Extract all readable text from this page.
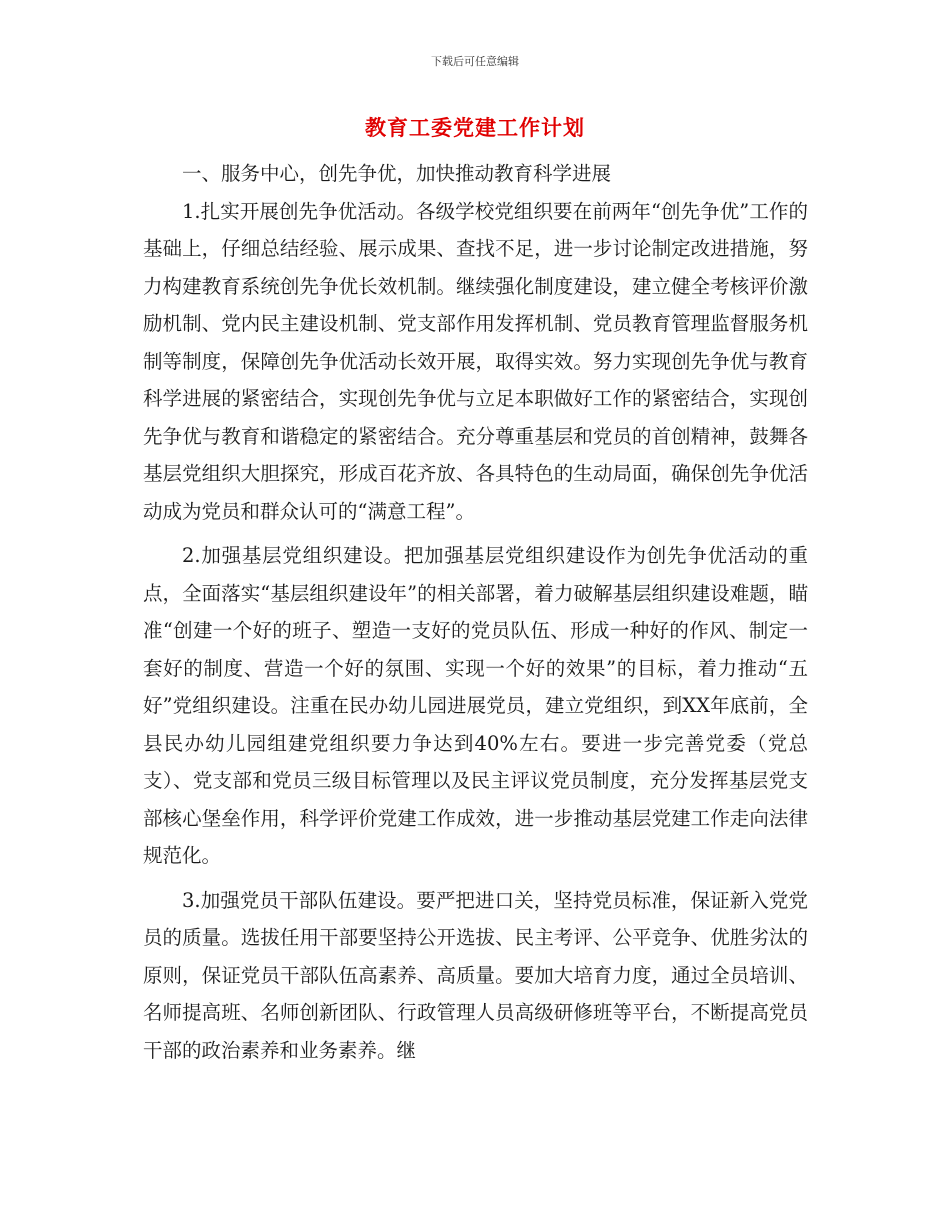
下载后可任意编辑
教育工委党建工作计划

一、服务中心，创先争优，加快推动教育科学进展

1.扎实开展创先争优活动。各级学校党组织要在前两年“创先争优”工作的基础上，仔细总结经验、展示成果、查找不足，进一步讨论制定改进措施，努力构建教育系统创先争优长效机制。继续强化制度建设，建立健全考核评价激励机制、党内民主建设机制、党支部作用发挥机制、党员教育管理监督服务机制等制度，保障创先争优活动长效开展，取得实效。努力实现创先争优与教育科学进展的紧密结合，实现创先争优与立足本职做好工作的紧密结合，实现创先争优与教育和谐稳定的紧密结合。充分尊重基层和党员的首创精神，鼓舞各基层党组织大胆探究，形成百花齐放、各具特色的生动局面，确保创先争优活动成为党员和群众认可的“满意工程”。

2.加强基层党组织建设。把加强基层党组织建设作为创先争优活动的重点，全面落实“基层组织建设年”的相关部署，着力破解基层组织建设难题，瞄准“创建一个好的班子、塑造一支好的党员队伍、形成一种好的作风、制定一套好的制度、营造一个好的氛围、实现一个好的效果”的目标，着力推动“五好”党组织建设。注重在民办幼儿园进展党员，建立党组织，到XX年底前，全县民办幼儿园组建党组织要力争达到40%左右。要进一步完善党委（党总支）、党支部和党员三级目标管理以及民主评议党员制度，充分发挥基层党支部核心堡垒作用，科学评价党建工作成效，进一步推动基层党建工作走向法律规范化。

3.加强党员干部队伍建设。要严把进口关，坚持党员标准，保证新入党党员的质量。选拔任用干部要坚持公开选拔、民主考评、公平竞争、优胜劣汰的原则，保证党员干部队伍高素养、高质量。要加大培育力度，通过全员培训、名师提高班、名师创新团队、行政管理人员高级研修班等平台，不断提高党员干部的政治素养和业务素养。继
